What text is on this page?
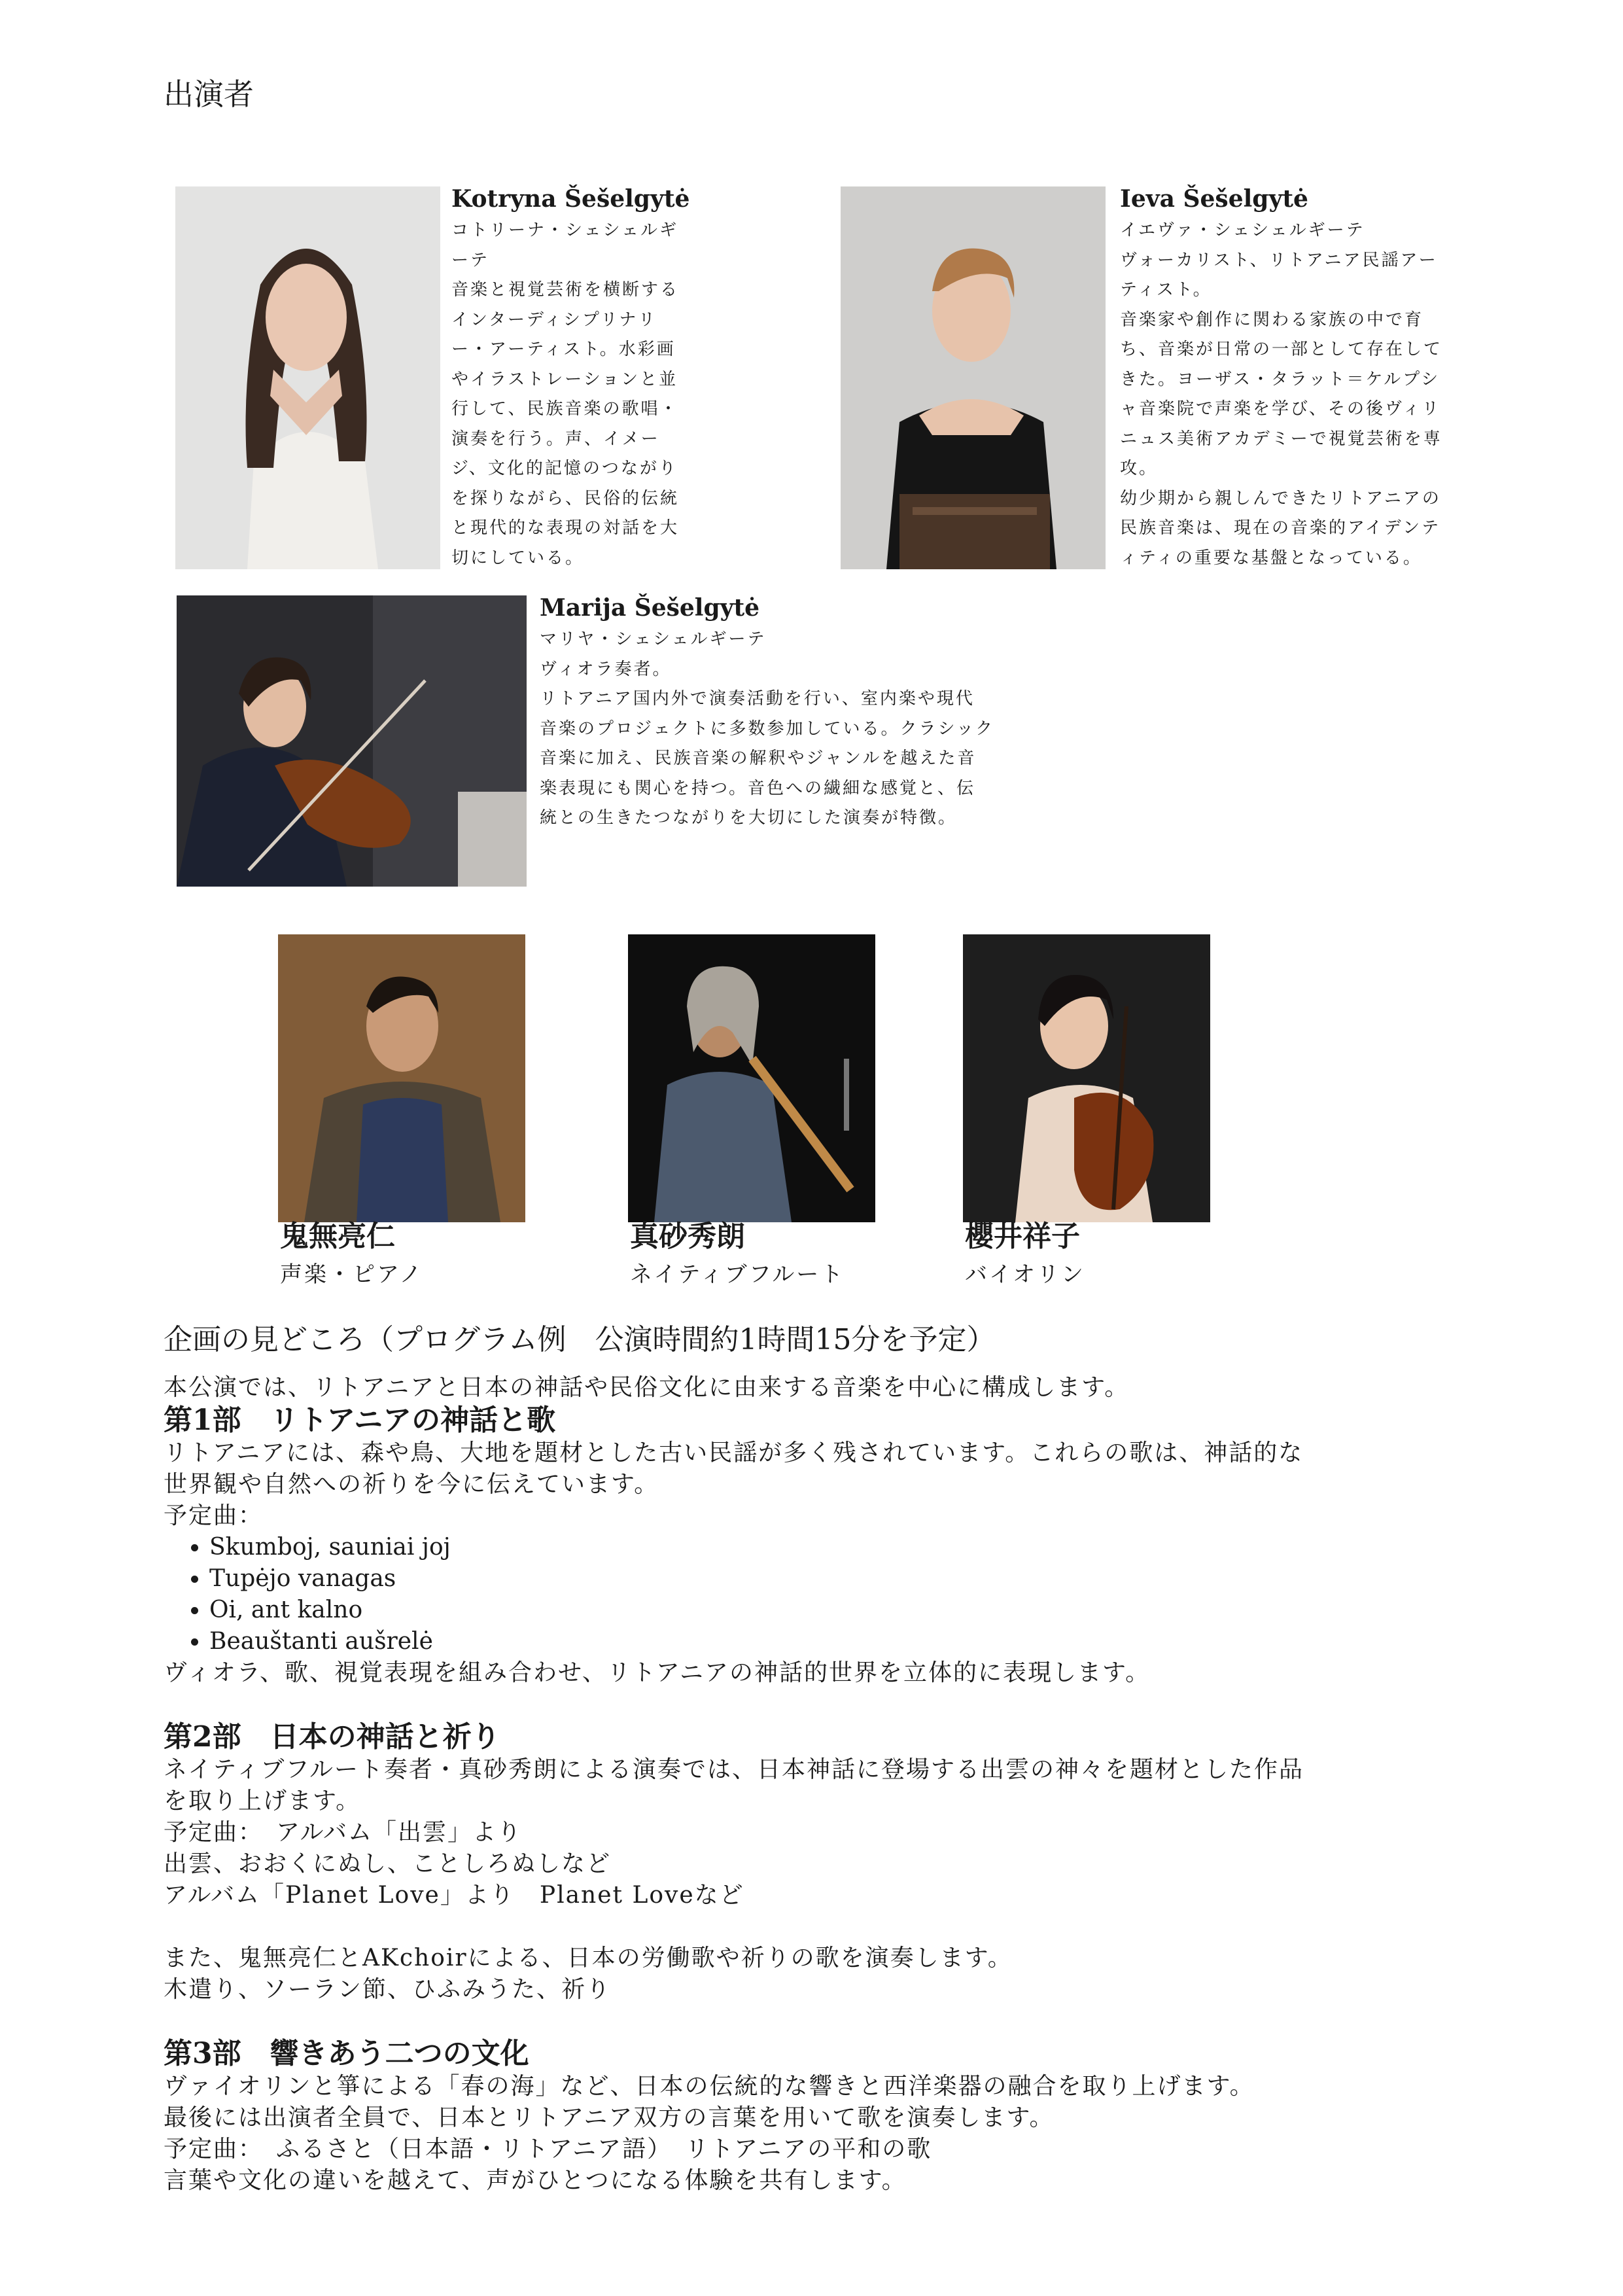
出演者
Kotryna Šešelgytė
コトリーナ・シェシェルギ
ーテ
音楽と視覚芸術を横断する
インターディシプリナリ
ー・アーティスト。水彩画
やイラストレーションと並
行して、民族音楽の歌唱・
演奏を行う。声、イメー
ジ、文化的記憶のつながり
を探りながら、民俗的伝統
と現代的な表現の対話を大
切にしている。
Ieva Šešelgytė
イエヴァ・シェシェルギーテ
ヴォーカリスト、リトアニア民謡アー
ティスト。
音楽家や創作に関わる家族の中で育
ち、音楽が日常の一部として存在して
きた。ヨーザス・タラット＝ケルプシ
ャ音楽院で声楽を学び、その後ヴィリ
ニュス美術アカデミーで視覚芸術を専
攻。
幼少期から親しんできたリトアニアの
民族音楽は、現在の音楽的アイデンテ
ィティの重要な基盤となっている。
Marija Šešelgytė
マリヤ・シェシェルギーテ
ヴィオラ奏者。
リトアニア国内外で演奏活動を行い、室内楽や現代
音楽のプロジェクトに多数参加している。クラシック
音楽に加え、民族音楽の解釈やジャンルを越えた音
楽表現にも関心を持つ。音色への繊細な感覚と、伝
統との生きたつながりを大切にした演奏が特徴。
鬼無亮仁
声楽・ピアノ
真砂秀朗
ネイティブフルート
櫻井祥子
バイオリン
企画の見どころ（プログラム例　公演時間約1時間15分を予定）
本公演では、リトアニアと日本の神話や民俗文化に由来する音楽を中心に構成します。
第1部　リトアニアの神話と歌
リトアニアには、森や鳥、大地を題材とした古い民謡が多く残されています。これらの歌は、神話的な
世界観や自然への祈りを今に伝えています。
予定曲：
• Skumboj, sauniai joj
• Tupėjo vanagas
• Oi, ant kalno
• Beauštanti aušrelė
ヴィオラ、歌、視覚表現を組み合わせ、リトアニアの神話的世界を立体的に表現します。
第2部　日本の神話と祈り
ネイティブフルート奏者・真砂秀朗による演奏では、日本神話に登場する出雲の神々を題材とした作品
を取り上げます。
予定曲：　アルバム「出雲」より
出雲、おおくにぬし、ことしろぬしなど
アルバム「Planet Love」より　Planet Loveなど
また、鬼無亮仁とAKchoirによる、日本の労働歌や祈りの歌を演奏します。
木遣り、ソーラン節、ひふみうた、祈り
第3部　響きあう二つの文化
ヴァイオリンと箏による「春の海」など、日本の伝統的な響きと西洋楽器の融合を取り上げます。
最後には出演者全員で、日本とリトアニア双方の言葉を用いて歌を演奏します。
予定曲：　ふるさと（日本語・リトアニア語）　リトアニアの平和の歌
言葉や文化の違いを越えて、声がひとつになる体験を共有します。
